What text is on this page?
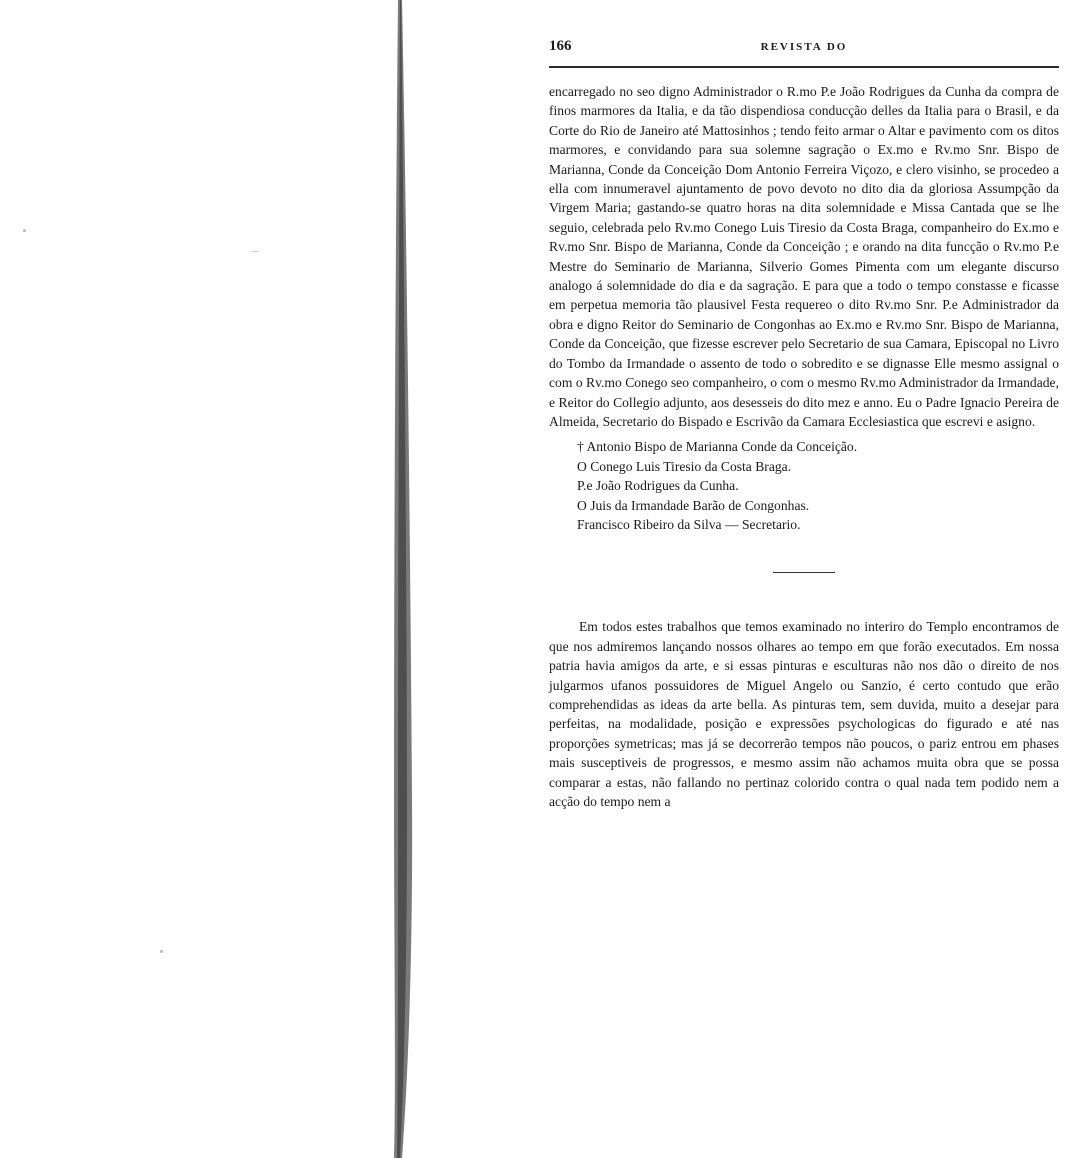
166	REVISTA DO

encarregado no seo digno Administrador o R.mo P.e João Rodrigues da Cunha da compra de finos marmores da Italia, e da tão dispendiosa conducção delles da Italia para o Brasil, e da Corte do Rio de Janeiro até Mattosinhos ; tendo feito armar o Altar e pavimento com os ditos marmores, e convidando para sua solemne sagração o Ex.mo e Rv.mo Snr. Bispo de Marianna, Conde da Conceição Dom Antonio Ferreira Viçozo, e clero visinho, se procedeo a ella com innumeravel ajuntamento de povo devoto no dito dia da gloriosa Assumpção da Virgem Maria; gastando-se quatro horas na dita solemnidade e Missa Cantada que se lhe seguio, celebrada pelo Rv.mo Conego Luis Tiresio da Costa Braga, companheiro do Ex.mo e Rv.mo Snr. Bispo de Marianna, Conde da Conceição ; e orando na dita funcção o Rv.mo P.e Mestre do Seminario de Marianna, Silverio Gomes Pimenta com um elegante discurso analogo á solemnidade do dia e da sagração. E para que a todo o tempo constasse e ficasse em perpetua memoria tão plausivel Festa requereo o dito Rv.mo Snr. P.e Administrador da obra e digno Reitor do Seminario de Congonhas ao Ex.mo e Rv.mo Snr. Bispo de Marianna, Conde da Conceição, que fizesse escrever pelo Secretario de sua Camara, Episcopal no Livro do Tombo da Irmandade o assento de todo o sobredito e se dignasse Elle mesmo assignal o com o Rv.mo Conego seo companheiro, o com o mesmo Rv.mo Administrador da Irmandade, e Reitor do Collegio adjunto, aos desesseis do dito mez e anno. Eu o Padre Ignacio Pereira de Almeida, Secretario do Bispado e Escrivão da Camara Ecclesiastica que escrevi e asigno.

† Antonio Bispo de Marianna Conde da Conceição.
O Conego Luis Tiresio da Costa Braga.
P.e João Rodrigues da Cunha.
O Juis da Irmandade Barão de Congonhas.
Francisco Ribeiro da Silva — Secretario.

Em todos estes trabalhos que temos examinado no interiro do Templo encontramos de que nos admiremos lançando nossos olhares ao tempo em que forão executados. Em nossa patria havia amigos da arte, e si essas pinturas e esculturas não nos dão o direito de nos julgarmos ufanos possuidores de Miguel Angelo ou Sanzio, é certo contudo que erão comprehendidas as ideas da arte bella. As pinturas tem, sem duvida, muito a desejar para perfeitas, na modalidade, posição e expressões psychologicas do figurado e até nas proporções symetricas; mas já se decorrerão tempos não poucos, o pariz entrou em phases mais susceptiveis de progressos, e mesmo assim não achamos muita obra que se possa comparar a estas, não fallando no pertinaz colorido contra o qual nada tem podido nem a acção do tempo nem a
